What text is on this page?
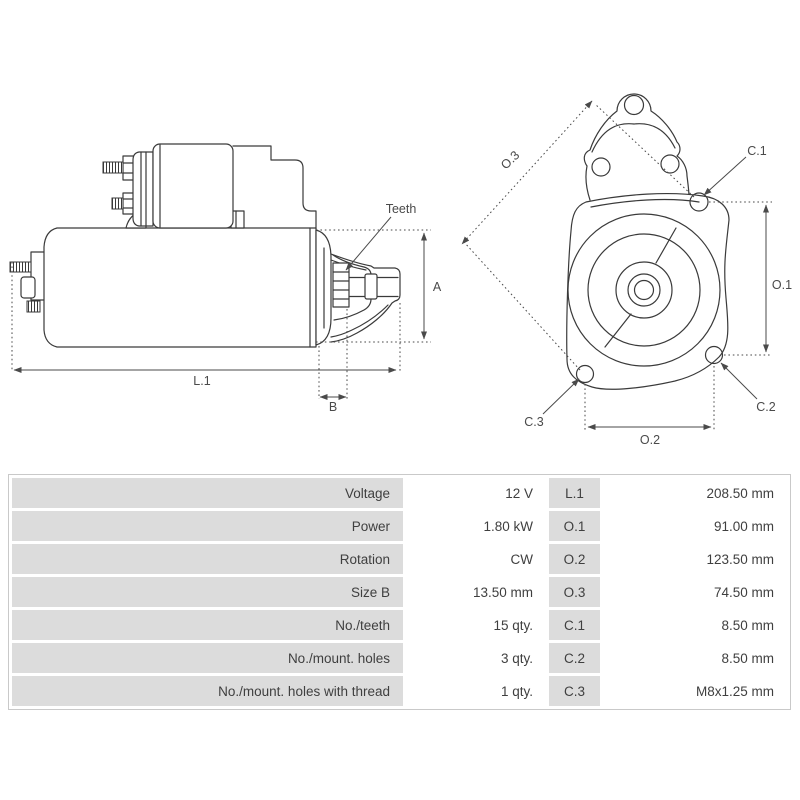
A
L.1
B
Teeth
O.3
O.1
O.2
C.1
C.2
C.3
Voltage	12 V	L.1	208.50 mm
Power	1.80 kW	O.1	91.00 mm
Rotation	CW	O.2	123.50 mm
Size B	13.50 mm	O.3	74.50 mm
No./teeth	15 qty.	C.1	8.50 mm
No./mount. holes	3 qty.	C.2	8.50 mm
No./mount. holes with thread	1 qty.	C.3	M8x1.25 mm
